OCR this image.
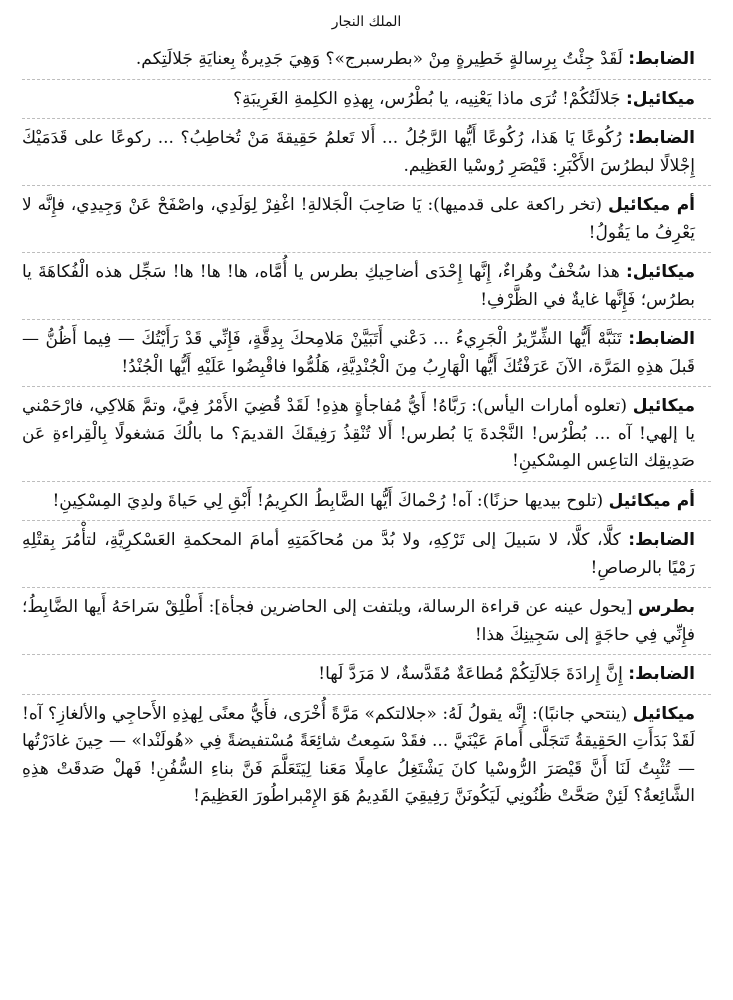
الملك النجار

الضابط: لَقَدْ جِئْتُ بِرِسالةٍ خَطِيرةٍ مِنْ «بطرسبرج»؟ وَهِيَ جَدِيرةٌ بِعنايَةِ جَلالَتِكم.

ميكائيل: جَلالَتُكُمْ! تُرَى ماذا يَعْنِيه، يا بُطْرُس، بِهذِهِ الكلِمةِ الغَرِيبَةِ؟

الضابط: رُكُوعًا يَا هَذا، رُكُوعًا أَيُّها الرَّجُلُ ... أَلا تَعلمُ حَقِيقةَ مَنْ تُخاطِبُ؟ ... ركوعًا على قَدَمَيْكَ إِجْلالًا لبطرُسَ الأَكْبَرِ: قَيْصَرِ رُوسْيا العَظِيم.

أم ميكائيل (تخر راكعة على قدميها): يَا صَاحِبَ الْجَلالةِ! اغْفِرْ لِوَلَدِي، واصْفَحْ عَنْ وَجِيدِي، فإِنَّه لا يَعْرِفُ ما يَقُولُ!

ميكائيل: هذا سُخْفٌ وهُراءٌ، إِنَّها إِحْدَى أضاحِيكِ بطرس يا أُمَّاه، ها! ها! ها! سَجِّل هذه الْفُكاهَةَ يا بطرُس؛ فَإِنَّها غايةٌ في الظَّرْفِ!

الضابط: تَنَبَّهْ أَيُّها الشِّرِّيرُ الْجَرِيءُ ... دَعْني أَتَبَيَّنْ مَلامِحكَ بِدِقَّةٍ، فَإِنِّي قَدْ رَأَيْتُكَ — فِيما أَظُنُّ — قَبلَ هذِهِ المَرَّة، الآنَ عَرَفْتُكَ أَيُّها الْهَارِبُ مِنَ الْجُنْدِيَّةِ، هَلُمُّوا فاقْبِضُوا عَلَيْهِ أَيُّها الْجُنْدُ!

ميكائيل (تعلوه أمارات اليأس): رَبَّاهُ! أَيُّ مُفاجأةٍ هذِهِ! لَقَدْ قُضِيَ الأَمْرُ فِيَّ، وتمَّ هَلاكِي، فارْحَمْني يا إلهي! آه ... بُطْرُس! النَّجْدةَ يَا بُطرس! أَلا تُنْقِذُ رَفِيقَكَ القديمَ؟ ما بالُكَ مَشغولًا بِالْقِراءةِ عَن صَدِيقِك التاعِس المِسْكينِ!

أم ميكائيل (تلوح بيديها حزنًا): آه! رُحْماكَ أَيُّها الضَّابِطُ الكرِيمُ! أَبْقِ لِي حَياةَ ولدِيَ المِسْكِينِ!

الضابط: كلَّا، كلَّا، لا سَبيلَ إلى تَرْكِهِ، ولا بُدَّ من مُحاكَمَتِهِ أمامَ المحكمةِ العَسْكرِيَّةِ، لتأْمُرَ بِقتْلِهِ رَمْيًا بالرصاصِ!

بطرس [يحول عينه عن قراءة الرسالة، ويلتفت إلى الحاضرين فجأة]: أَطْلِقْ سَراحَهُ أَيها الضَّابِطُ؛ فإِنِّي فِي حاجَةٍ إلى سَجِينِكَ هذا!

الضابط: إِنَّ إِرادَةَ جَلالَتِكُمْ مُطاعَةٌ مُقَدَّسةٌ، لا مَرَدَّ لَها!

ميكائيل (ينتحي جانبًا): إِنَّه يقولُ لَهُ: «جلالتكم» مَرَّةً أُخْرَى، فأَيُّ معنًى لِهذِهِ الأَحاجِي والألغازِ؟ آه! لَقَدْ بَدَأَتِ الحَقِيقةُ تَتجَلَّى أَمامَ عَيْنَيَّ ... فقَدْ سَمِعتُ شائِعَةً مُسْتفيضةً فِي «هُولَنْدا» — حِينَ غادَرْتُها — تُثْبِتُ لَنَا أَنَّ قَيْصَرَ الرُّوسْيا كانَ يَشْتَغِلُ عامِلًا مَعَنا لِيَتَعَلَّمَ فَنَّ بناءِ السُّفُنِ! فَهلْ صَدقَتْ هذِهِ الشَّائِعةُ؟ لَئِنْ صَحَّتْ ظُنُونِي لَيَكُونَنَّ رَفِيقِيَ القَدِيمُ هَوَ الإِمْبراطُورَ العَظِيمَ!
